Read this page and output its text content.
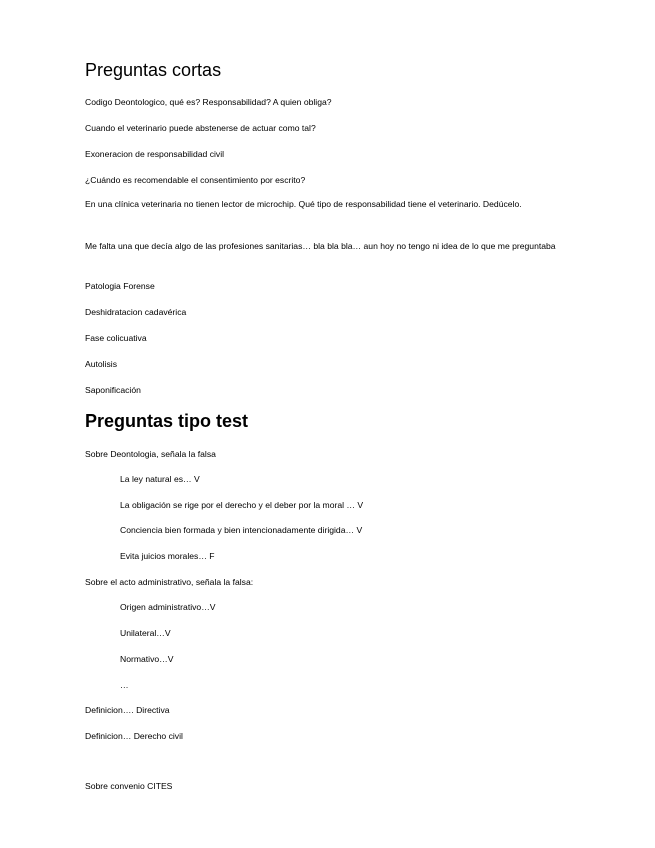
Preguntas cortas
Codigo Deontologico, qué es? Responsabilidad? A quien obliga?
Cuando el veterinario puede abstenerse de actuar como tal?
Exoneracion de responsabilidad civil
¿Cuándo es recomendable el consentimiento por escrito?
En una clínica veterinaria no tienen lector de microchip. Qué tipo de responsabilidad tiene el veterinario. Dedúcelo.
Me falta una que decía algo de las profesiones sanitarias… bla bla bla… aun hoy no tengo ni idea de lo que me preguntaba
Patologia Forense
Deshidratacion cadavérica
Fase colicuativa
Autolisis
Saponificación
Preguntas tipo test
Sobre Deontologia, señala la falsa
La ley natural es… V
La obligación se rige por el derecho y el deber por la moral … V
Conciencia bien formada y bien intencionadamente dirigida… V
Evita juicios morales… F
Sobre el acto administrativo, señala la falsa:
Origen administrativo…V
Unilateral…V
Normativo…V
…
Definicion…. Directiva
Definicion… Derecho civil
Sobre convenio CITES
